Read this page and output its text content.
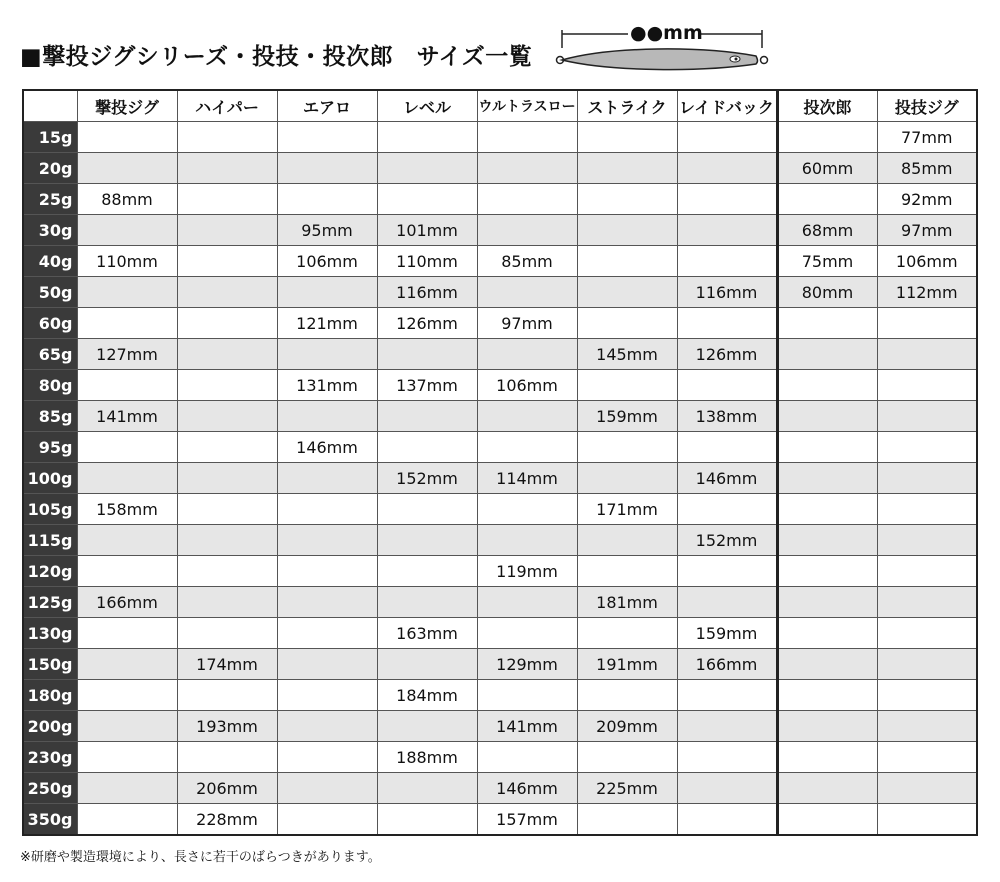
■撃投ジグシリーズ・投技・投次郎　サイズ一覧
●●mm
	撃投ジグ	ハイパー	エアロ	レベル	ウルトラスロー	ストライク	レイドバック	投次郎	投技ジグ
15g									77mm
20g								60mm	85mm
25g	88mm								92mm
30g			95mm	101mm				68mm	97mm
40g	110mm		106mm	110mm	85mm			75mm	106mm
50g				116mm			116mm	80mm	112mm
60g			121mm	126mm	97mm				
65g	127mm					145mm	126mm		
80g			131mm	137mm	106mm				
85g	141mm					159mm	138mm		
95g			146mm						
100g				152mm	114mm		146mm		
105g	158mm					171mm			
115g							152mm		
120g					119mm				
125g	166mm					181mm			
130g				163mm			159mm		
150g		174mm			129mm	191mm	166mm		
180g				184mm					
200g		193mm			141mm	209mm			
230g				188mm					
250g		206mm			146mm	225mm			
350g		228mm			157mm				
※研磨や製造環境により、長さに若干のばらつきがあります。
